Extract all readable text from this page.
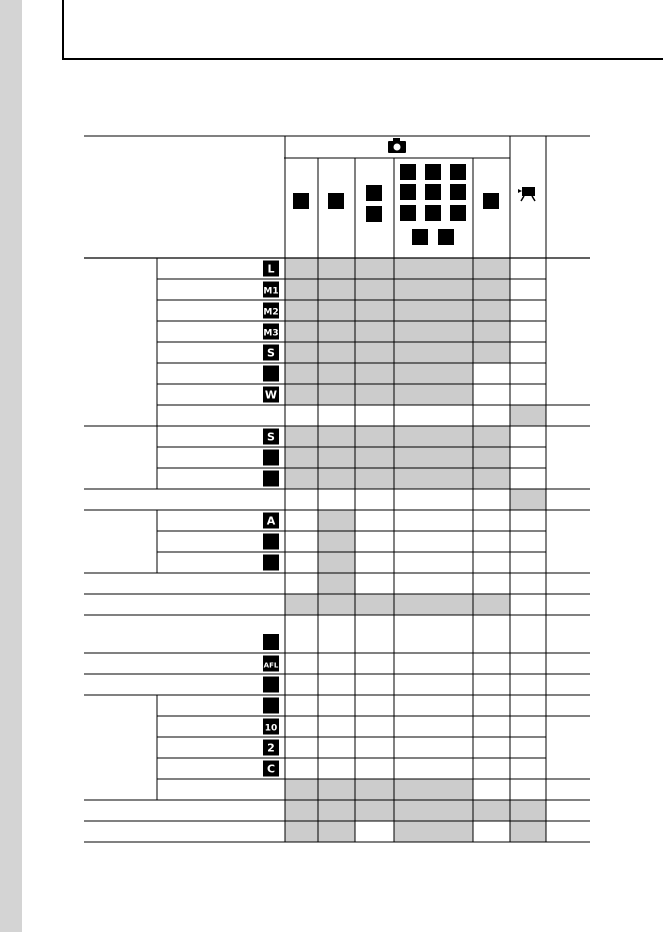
L
M1
M2
M3
S
W
S
A
AFL
10
2
C
